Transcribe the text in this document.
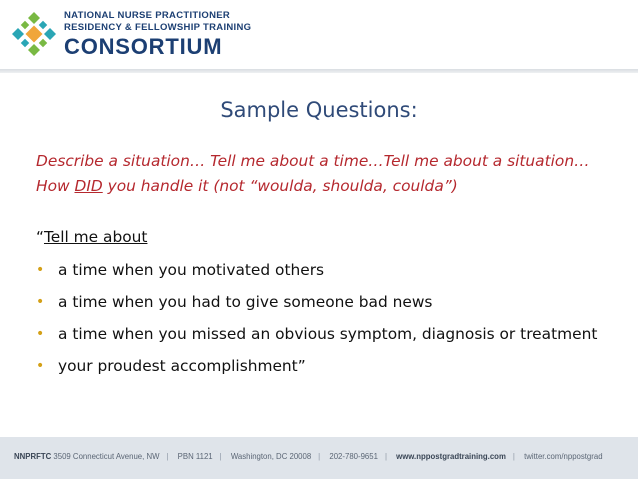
NATIONAL NURSE PRACTITIONER
RESIDENCY & FELLOWSHIP TRAINING
CONSORTIUM
Sample Questions:
Describe a situation… Tell me about a time…Tell me about a situation… How DID you handle it (not “woulda, shoulda, coulda”)
“Tell me about
• a time when you motivated others
• a time when you had to give someone bad news
• a time when you missed an obvious symptom, diagnosis or treatment
• your proudest accomplishment”
NNPRFTC 3509 Connecticut Avenue, NW | PBN 1121 | Washington, DC 20008 | 202-780-9651 | www.nppostgradtraining.com | twitter.com/nppostgrad
